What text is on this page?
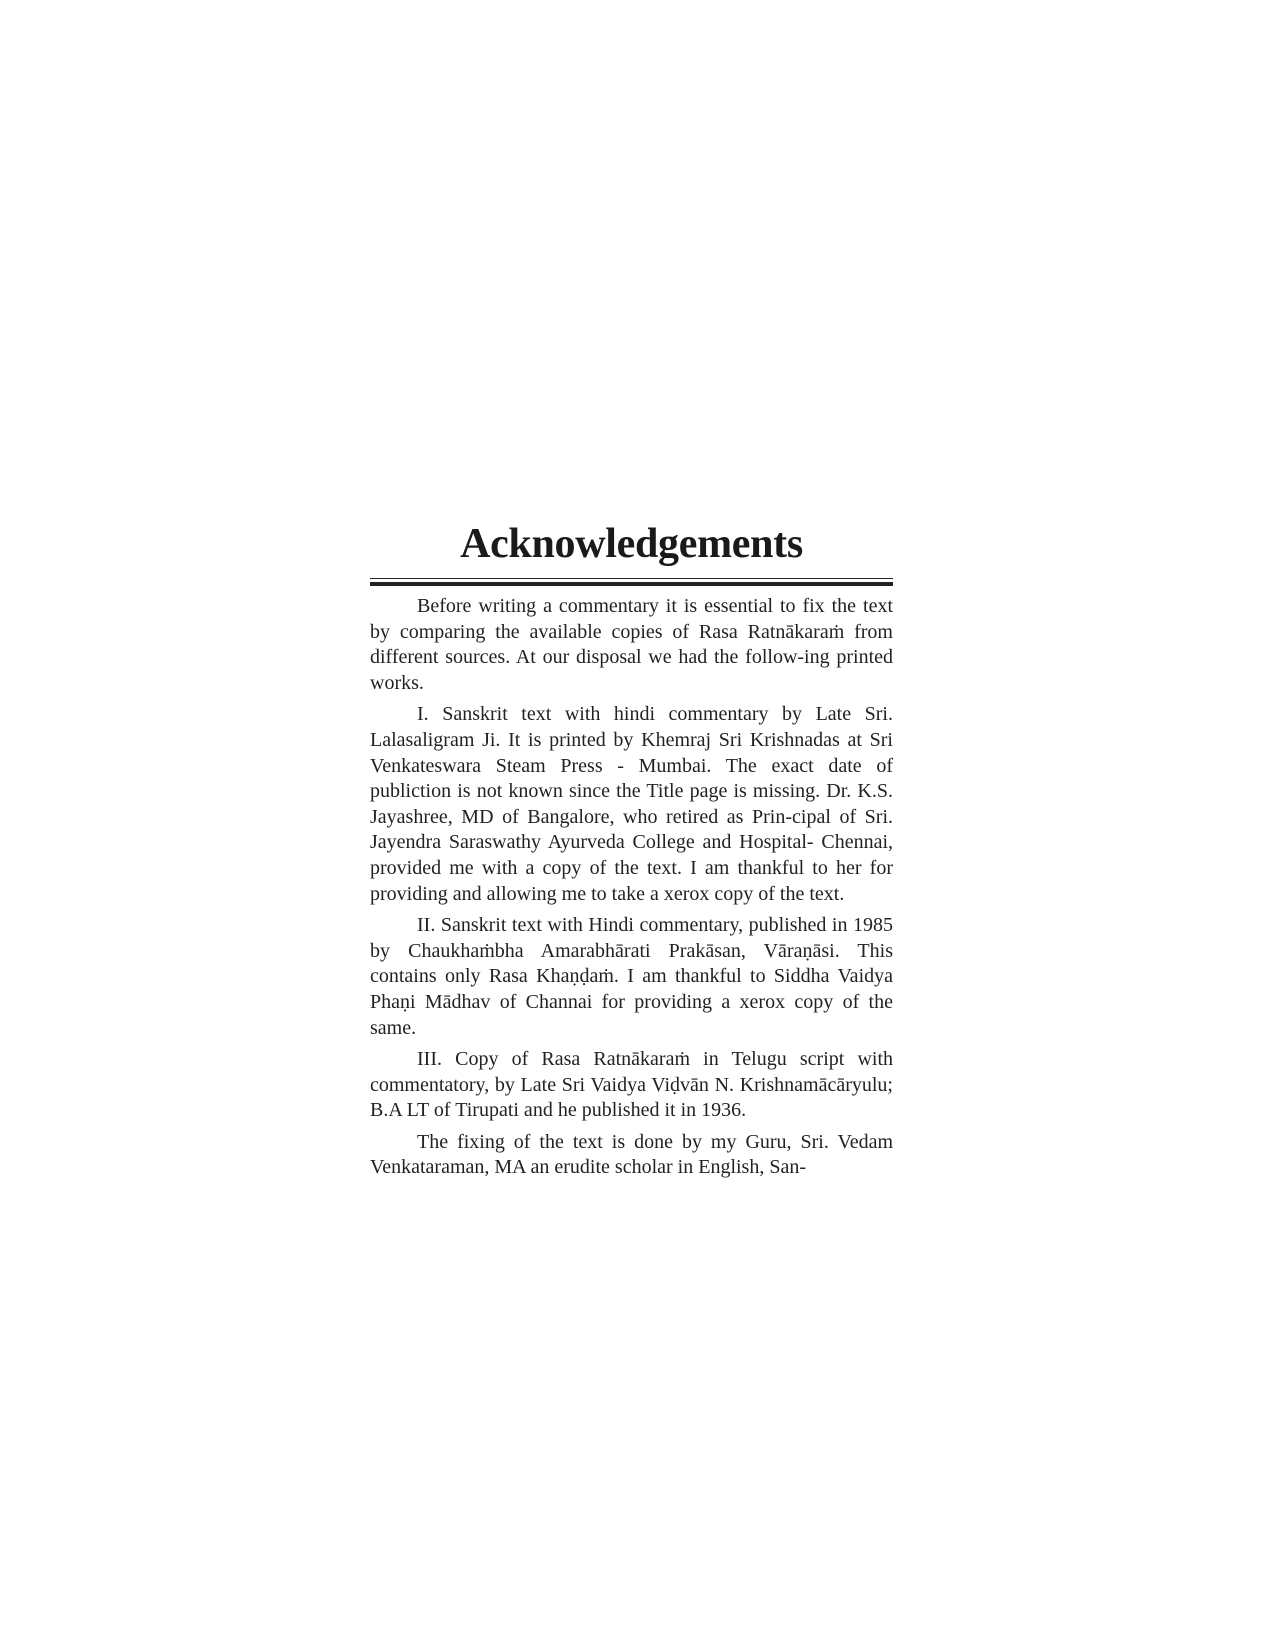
Acknowledgements

Before writing a commentary it is essential to fix the text by comparing the available copies of Rasa Ratnākaraṁ from different sources. At our disposal we had the follow-ing printed works.

I. Sanskrit text with hindi commentary by Late Sri. Lalasaligram Ji. It is printed by Khemraj Sri Krishnadas at Sri Venkateswara Steam Press - Mumbai. The exact date of publiction is not known since the Title page is missing. Dr. K.S. Jayashree, MD of Bangalore, who retired as Prin-cipal of Sri. Jayendra Saraswathy Ayurveda College and Hospital- Chennai, provided me with a copy of the text. I am thankful to her for providing and allowing me to take a xerox copy of the text.

II. Sanskrit text with Hindi commentary, published in 1985 by Chaukhaṁbha Amarabhārati Prakāsan, Vāraṇāsi. This contains only Rasa Khaṇḍaṁ. I am thankful to Siddha Vaidya Phaṇi Mādhav of Channai for providing a xerox copy of the same.

III. Copy of Rasa Ratnākaraṁ in Telugu script with commentatory, by Late Sri Vaidya Viḍvān N. Krishnamācāryulu; B.A LT of Tirupati and he published it in 1936.

The fixing of the text is done by my Guru, Sri. Vedam Venkataraman, MA an erudite scholar in English, San-
